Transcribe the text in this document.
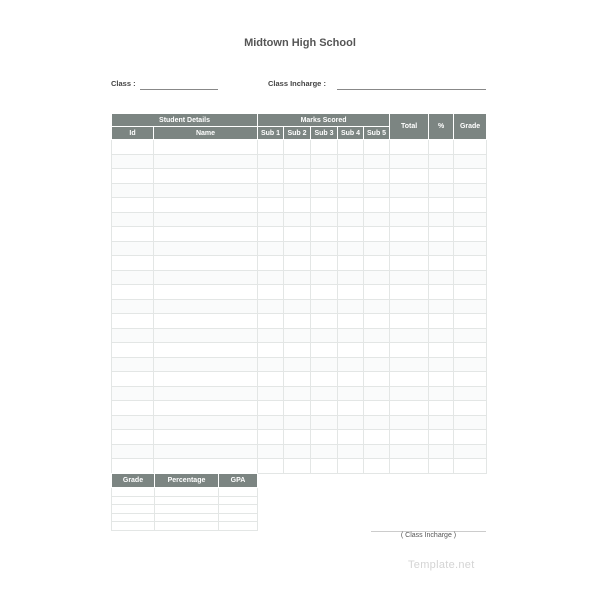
Midtown High School
Class :	Class Incharge :
Student Details		Marks Scored					Total	%	Grade
Id	Name	Sub 1	Sub 2	Sub 3	Sub 4	Sub 5			

Grade	Percentage	GPA

( Class Incharge )
Template.net
